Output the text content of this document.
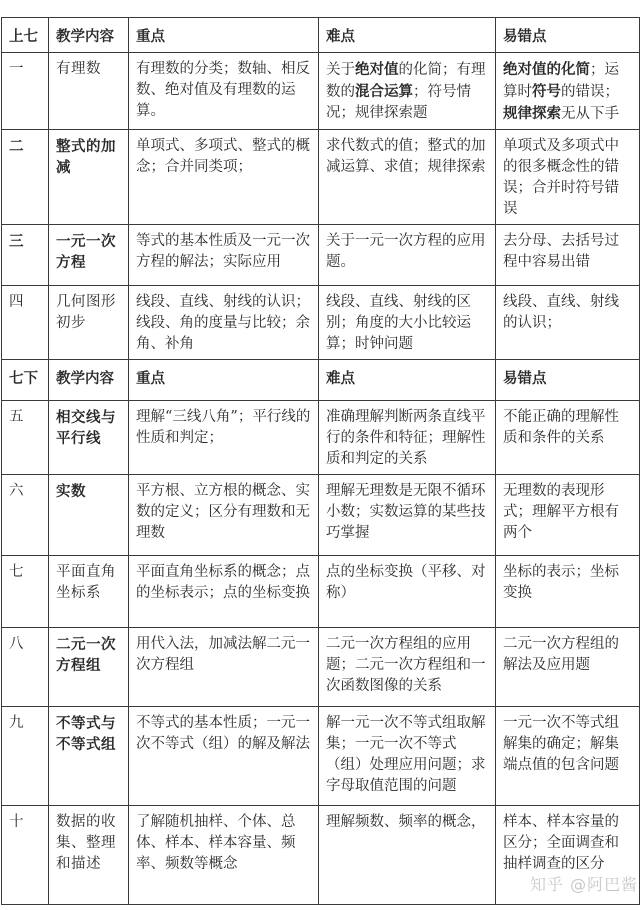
上七	教学内容	重点	难点	易错点
一	有理数	有理数的分类；数轴、相反数、绝对值及有理数的运算。	关于绝对值的化简；有理数的混合运算；符号情况；规律探索题	绝对值的化简；运算时符号的错误；规律探索无从下手
二	整式的加减	单项式、多项式、整式的概念；合并同类项；	求代数式的值；整式的加减运算、求值；规律探索	单项式及多项式中的很多概念性的错误；合并时符号错误
三	一元一次方程	等式的基本性质及一元一次方程的解法；实际应用	关于一元一次方程的应用题。	去分母、去括号过程中容易出错
四	几何图形初步	线段、直线、射线的认识；线段、角的度量与比较；余角、补角	线段、直线、射线的区别；角度的大小比较运算；时钟问题	线段、直线、射线的认识；
七下	教学内容	重点	难点	易错点
五	相交线与平行线	理解“三线八角”；平行线的性质和判定；	准确理解判断两条直线平行的条件和特征；理解性质和判定的关系	不能正确的理解性质和条件的关系
六	实数	平方根、立方根的概念、实数的定义；区分有理数和无理数	理解无理数是无限不循环小数；实数运算的某些技巧掌握	无理数的表现形式；理解平方根有两个
七	平面直角坐标系	平面直角坐标系的概念；点的坐标表示；点的坐标变换	点的坐标变换（平移、对称）	坐标的表示；坐标变换
八	二元一次方程组	用代入法，加减法解二元一次方程组	二元一次方程组的应用题；二元一次方程组和一次函数图像的关系	二元一次方程组的解法及应用题
九	不等式与不等式组	不等式的基本性质；一元一次不等式（组）的解及解法	解一元一次不等式组取解集；一元一次不等式（组）处理应用问题；求字母取值范围的问题	一元一次不等式组解集的确定；解集端点值的包含问题
十	数据的收集、整理和描述	了解随机抽样、个体、总体、样本、样本容量、频率、频数等概念	理解频数、频率的概念，	样本、样本容量的区分；全面调查和抽样调查的区分
知乎 @阿巴酱
